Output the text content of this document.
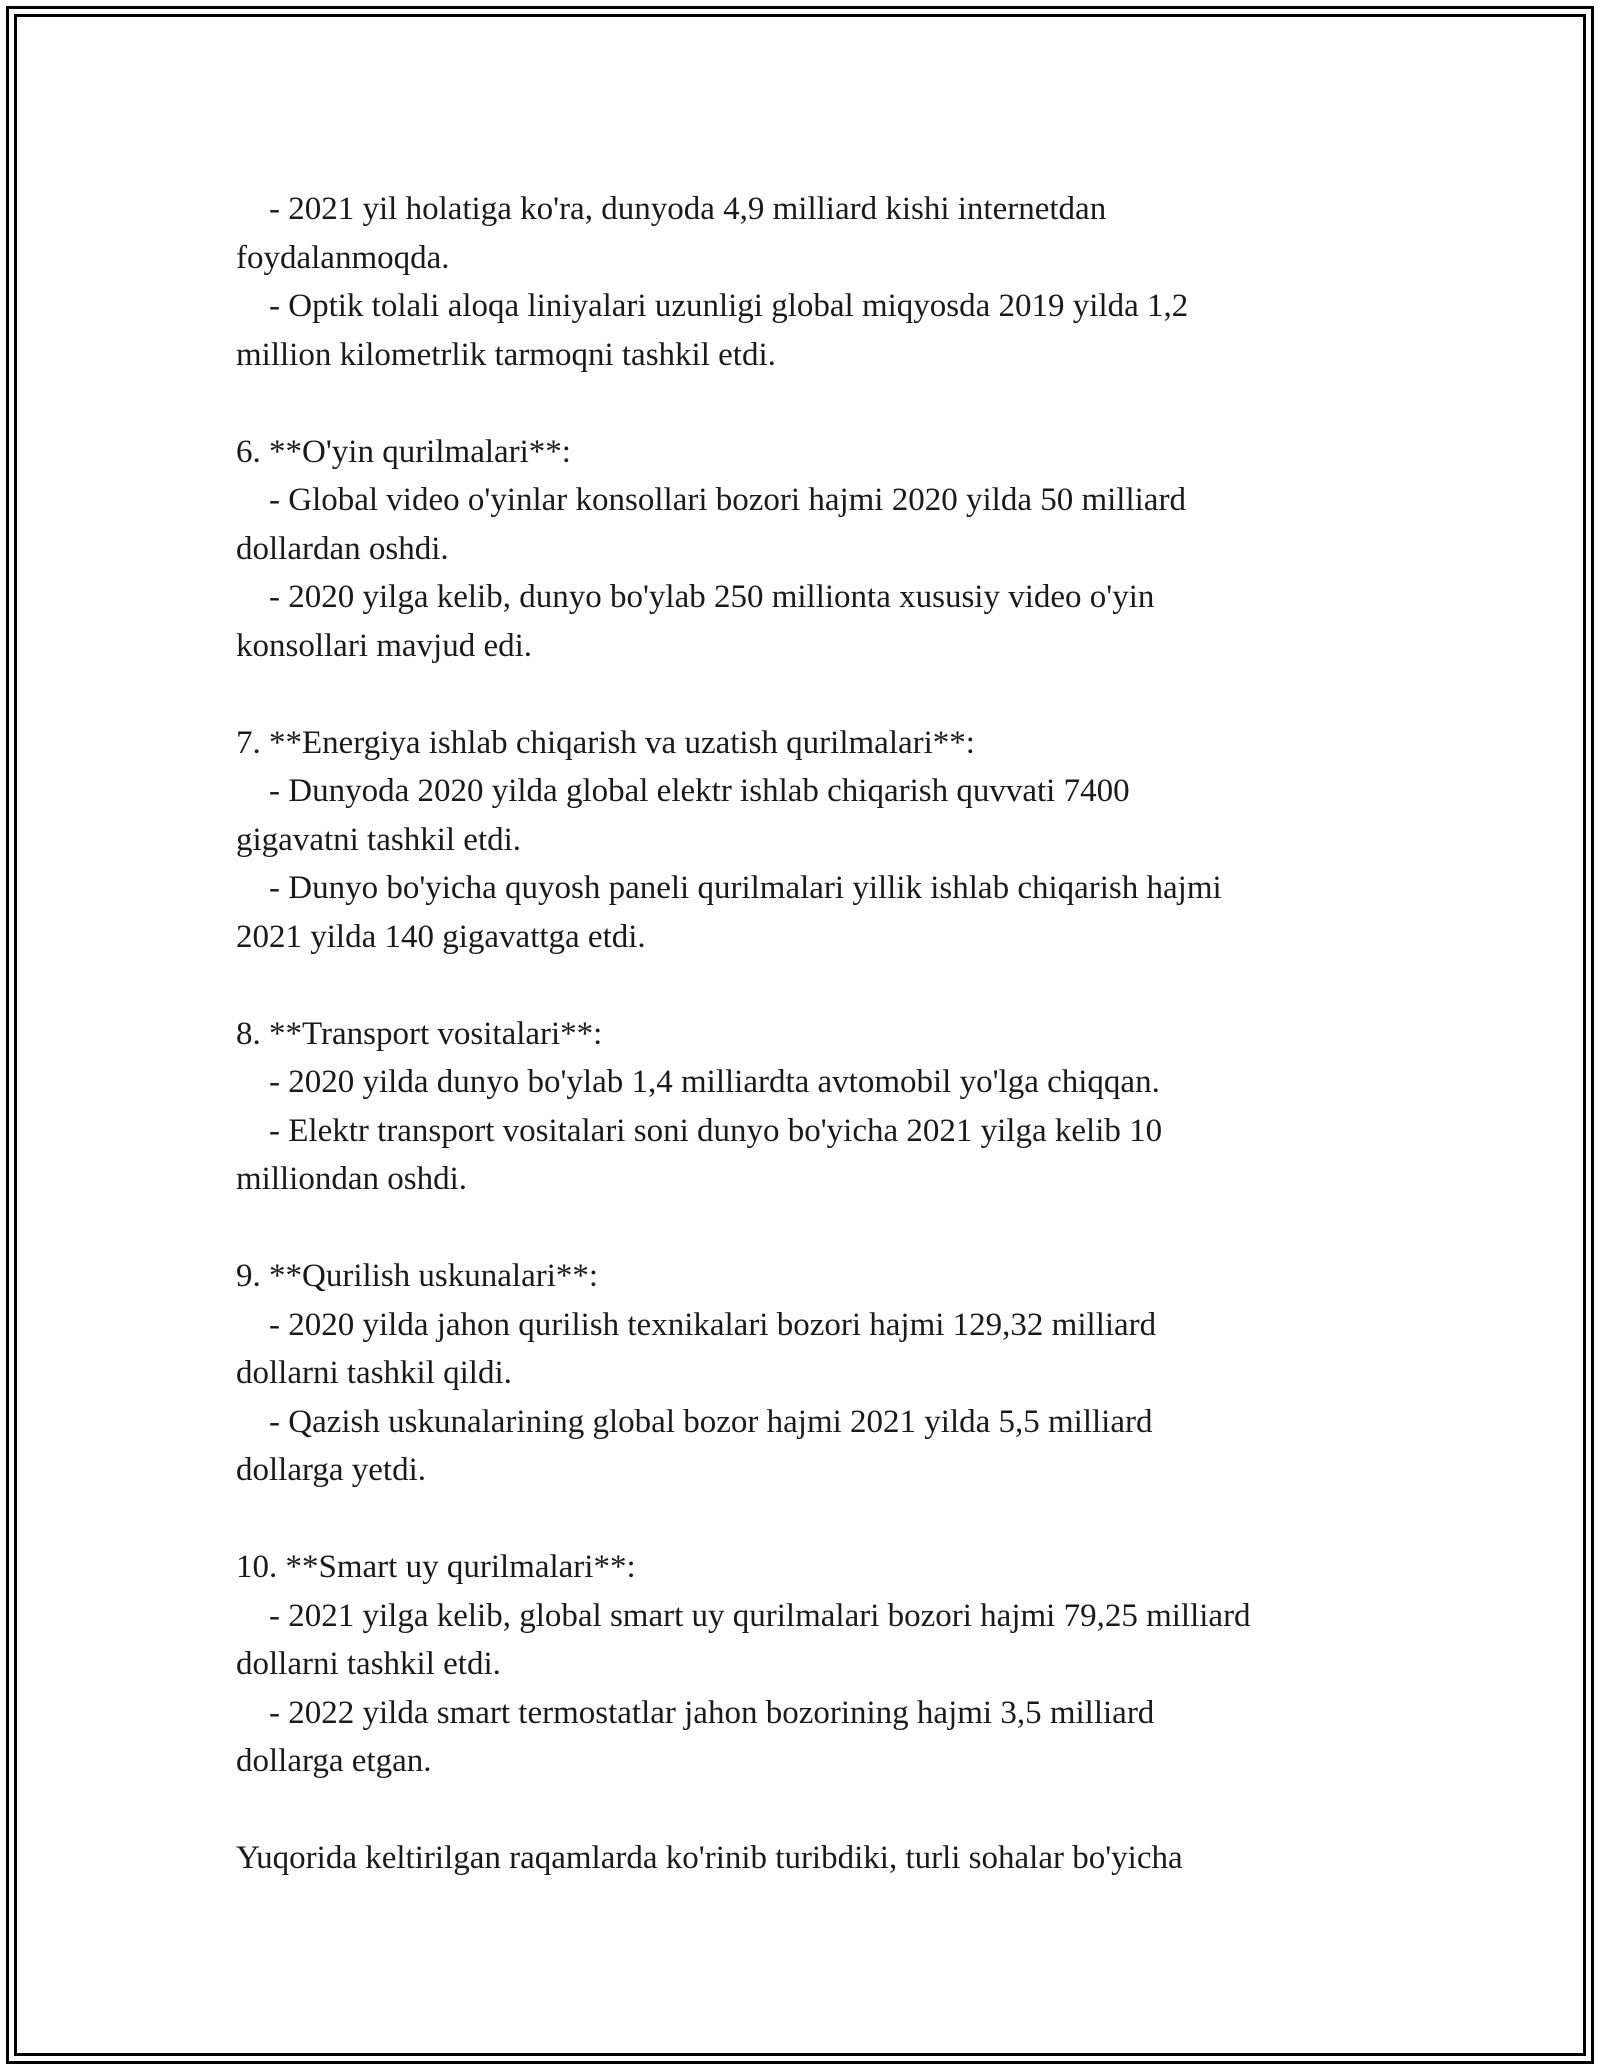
- 2021 yil holatiga ko'ra, dunyoda 4,9 milliard kishi internetdan
foydalanmoqda.
- Optik tolali aloqa liniyalari uzunligi global miqyosda 2019 yilda 1,2
million kilometrlik tarmoqni tashkil etdi.
6. **O'yin qurilmalari**:
- Global video o'yinlar konsollari bozori hajmi 2020 yilda 50 milliard
dollardan oshdi.
- 2020 yilga kelib, dunyo bo'ylab 250 millionta xususiy video o'yin
konsollari mavjud edi.
7. **Energiya ishlab chiqarish va uzatish qurilmalari**:
- Dunyoda 2020 yilda global elektr ishlab chiqarish quvvati 7400
gigavatni tashkil etdi.
- Dunyo bo'yicha quyosh paneli qurilmalari yillik ishlab chiqarish hajmi
2021 yilda 140 gigavattga etdi.
8. **Transport vositalari**:
- 2020 yilda dunyo bo'ylab 1,4 milliardta avtomobil yo'lga chiqqan.
- Elektr transport vositalari soni dunyo bo'yicha 2021 yilga kelib 10
milliondan oshdi.
9. **Qurilish uskunalari**:
- 2020 yilda jahon qurilish texnikalari bozori hajmi 129,32 milliard
dollarni tashkil qildi.
- Qazish uskunalarining global bozor hajmi 2021 yilda 5,5 milliard
dollarga yetdi.
10. **Smart uy qurilmalari**:
- 2021 yilga kelib, global smart uy qurilmalari bozori hajmi 79,25 milliard
dollarni tashkil etdi.
- 2022 yilda smart termostatlar jahon bozorining hajmi 3,5 milliard
dollarga etgan.
Yuqorida keltirilgan raqamlarda ko'rinib turibdiki, turli sohalar bo'yicha
